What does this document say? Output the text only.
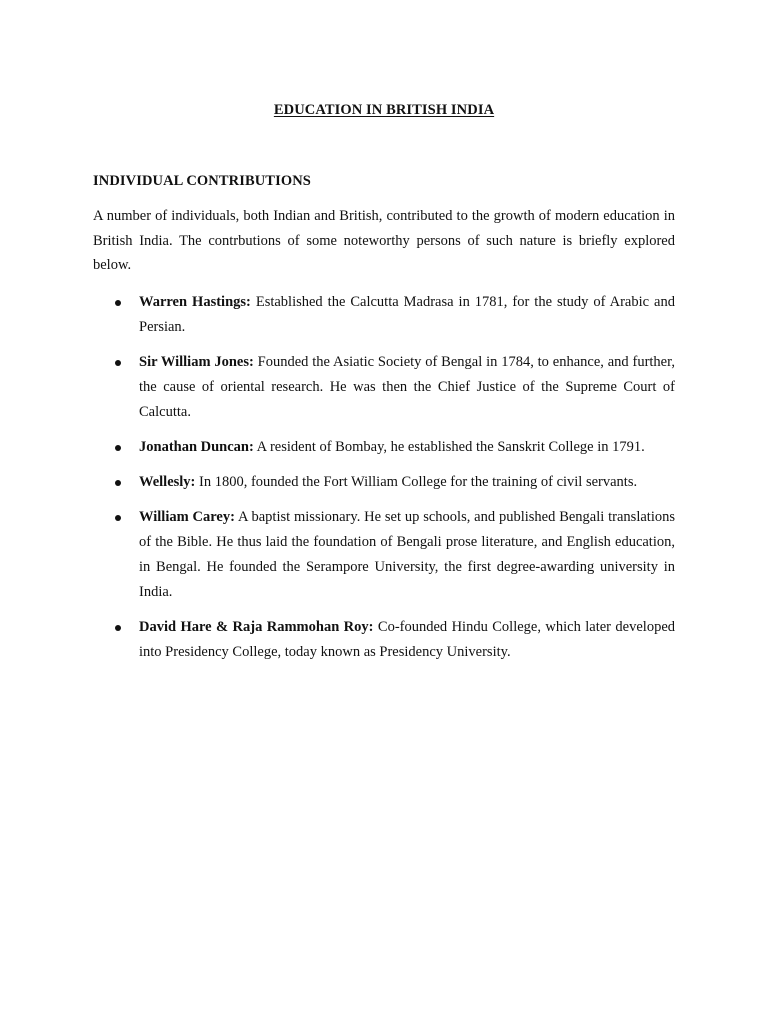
EDUCATION IN BRITISH INDIA
INDIVIDUAL CONTRIBUTIONS

A number of individuals, both Indian and British, contributed to the growth of modern education in British India. The contrbutions of some noteworthy persons of such nature is briefly explored below.

Warren Hastings: Established the Calcutta Madrasa in 1781, for the study of Arabic and Persian.
Sir William Jones: Founded the Asiatic Society of Bengal in 1784, to enhance, and further, the cause of oriental research. He was then the Chief Justice of the Supreme Court of Calcutta.
Jonathan Duncan: A resident of Bombay, he established the Sanskrit College in 1791.
Wellesly: In 1800, founded the Fort William College for the training of civil servants.
William Carey: A baptist missionary. He set up schools, and published Bengali translations of the Bible. He thus laid the foundation of Bengali prose literature, and English education, in Bengal. He founded the Serampore University, the first degree-awarding university in India.
David Hare & Raja Rammohan Roy: Co-founded Hindu College, which later developed into Presidency College, today known as Presidency University.
